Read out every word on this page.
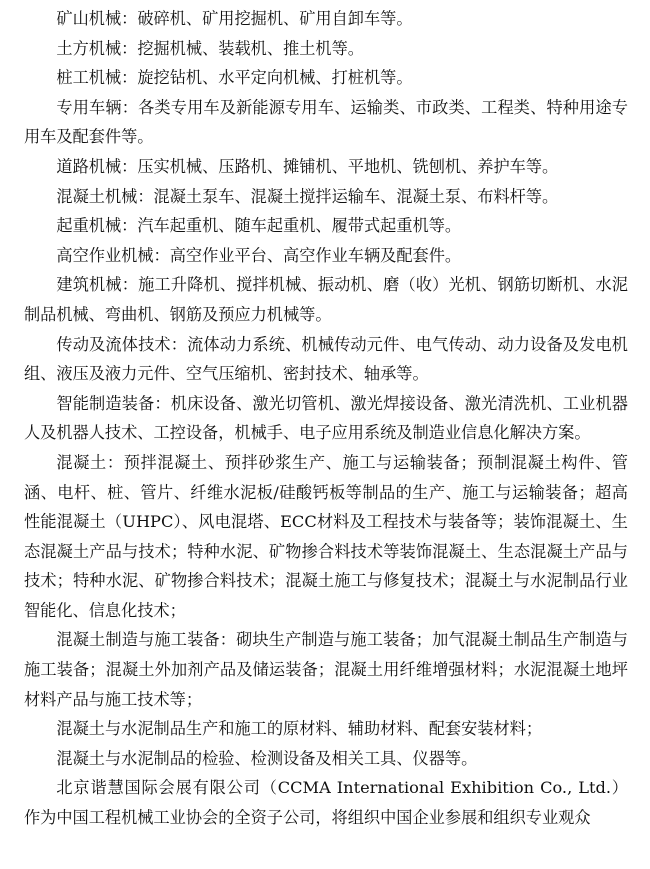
矿山机械：破碎机、矿用挖掘机、矿用自卸车等。

土方机械：挖掘机械、装载机、推土机等。

桩工机械：旋挖钻机、水平定向机械、打桩机等。

专用车辆：各类专用车及新能源专用车、运输类、市政类、工程类、特种用途专用车及配套件等。

道路机械：压实机械、压路机、摊铺机、平地机、铣刨机、养护车等。

混凝土机械：混凝土泵车、混凝土搅拌运输车、混凝土泵、布料杆等。

起重机械：汽车起重机、随车起重机、履带式起重机等。

高空作业机械：高空作业平台、高空作业车辆及配套件。

建筑机械：施工升降机、搅拌机械、振动机、磨（收）光机、钢筋切断机、水泥制品机械、弯曲机、钢筋及预应力机械等。

传动及流体技术：流体动力系统、机械传动元件、电气传动、动力设备及发电机组、液压及液力元件、空气压缩机、密封技术、轴承等。

智能制造装备：机床设备、激光切管机、激光焊接设备、激光清洗机、工业机器人及机器人技术、工控设备，机械手、电子应用系统及制造业信息化解决方案。

混凝土：预拌混凝土、预拌砂浆生产、施工与运输装备；预制混凝土构件、管涵、电杆、桩、管片、纤维水泥板/硅酸钙板等制品的生产、施工与运输装备；超高性能混凝土（UHPC）、风电混塔、ECC材料及工程技术与装备等；装饰混凝土、生态混凝土产品与技术；特种水泥、矿物掺合料技术等装饰混凝土、生态混凝土产品与技术；特种水泥、矿物掺合料技术；混凝土施工与修复技术；混凝土与水泥制品行业智能化、信息化技术；

混凝土制造与施工装备：砌块生产制造与施工装备；加气混凝土制品生产制造与施工装备；混凝土外加剂产品及储运装备；混凝土用纤维增强材料；水泥混凝土地坪材料产品与施工技术等；

混凝土与水泥制品生产和施工的原材料、辅助材料、配套安装材料；

混凝土与水泥制品的检验、检测设备及相关工具、仪器等。

北京谐慧国际会展有限公司（CCMA International Exhibition Co., Ltd.）作为中国工程机械工业协会的全资子公司，将组织中国企业参展和组织专业观众
